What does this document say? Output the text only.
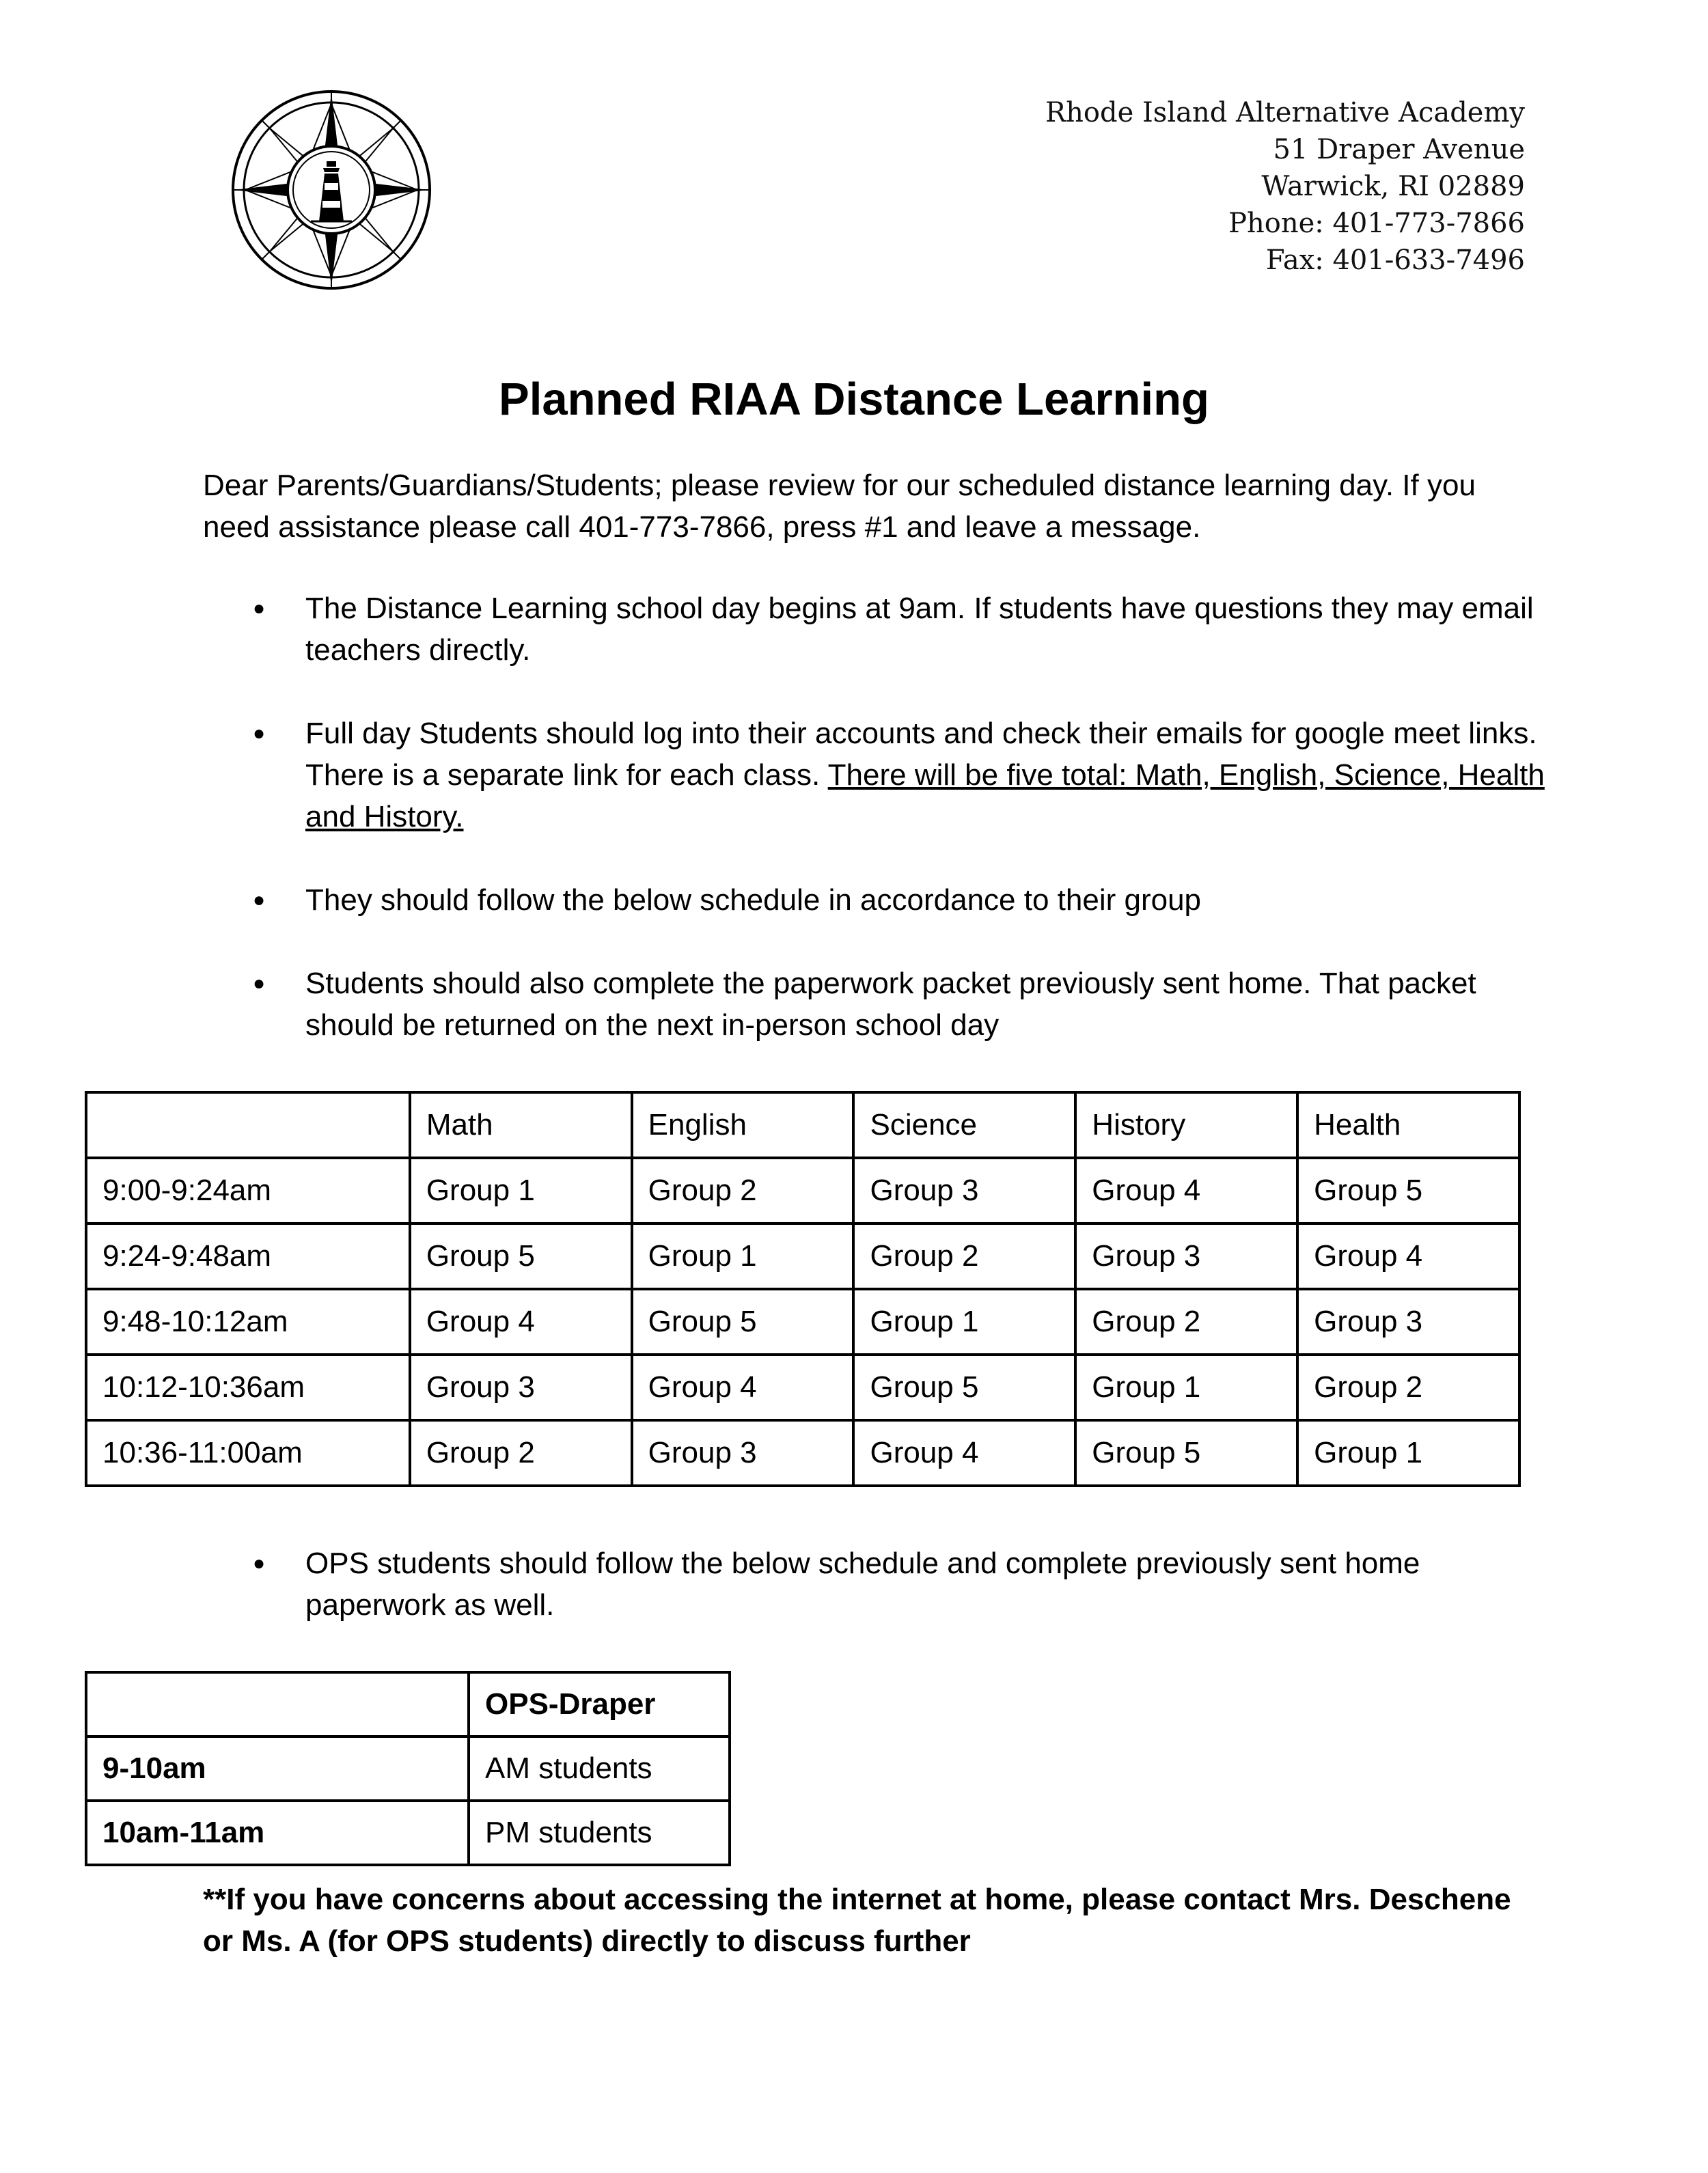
Rhode Island Alternative Academy
51 Draper Avenue
Warwick, RI 02889
Phone: 401-773-7866
Fax: 401-633-7496
Planned RIAA Distance Learning
Dear Parents/Guardians/Students; please review for our scheduled distance learning day. If you need assistance please call 401-773-7866, press #1 and leave a message.
● The Distance Learning school day begins at 9am. If students have questions they may email teachers directly.
● Full day Students should log into their accounts and check their emails for google meet links. There is a separate link for each class. There will be five total: Math, English, Science, Health and History.
● They should follow the below schedule in accordance to their group
● Students should also complete the paperwork packet previously sent home. That packet should be returned on the next in-person school day
	Math	English	Science	History	Health
9:00-9:24am	Group 1	Group 2	Group 3	Group 4	Group 5
9:24-9:48am	Group 5	Group 1	Group 2	Group 3	Group 4
9:48-10:12am	Group 4	Group 5	Group 1	Group 2	Group 3
10:12-10:36am	Group 3	Group 4	Group 5	Group 1	Group 2
10:36-11:00am	Group 2	Group 3	Group 4	Group 5	Group 1
● OPS students should follow the below schedule and complete previously sent home paperwork as well.
	OPS-Draper
9-10am	AM students
10am-11am	PM students
**If you have concerns about accessing the internet at home, please contact Mrs. Deschene or Ms. A (for OPS students) directly to discuss further
